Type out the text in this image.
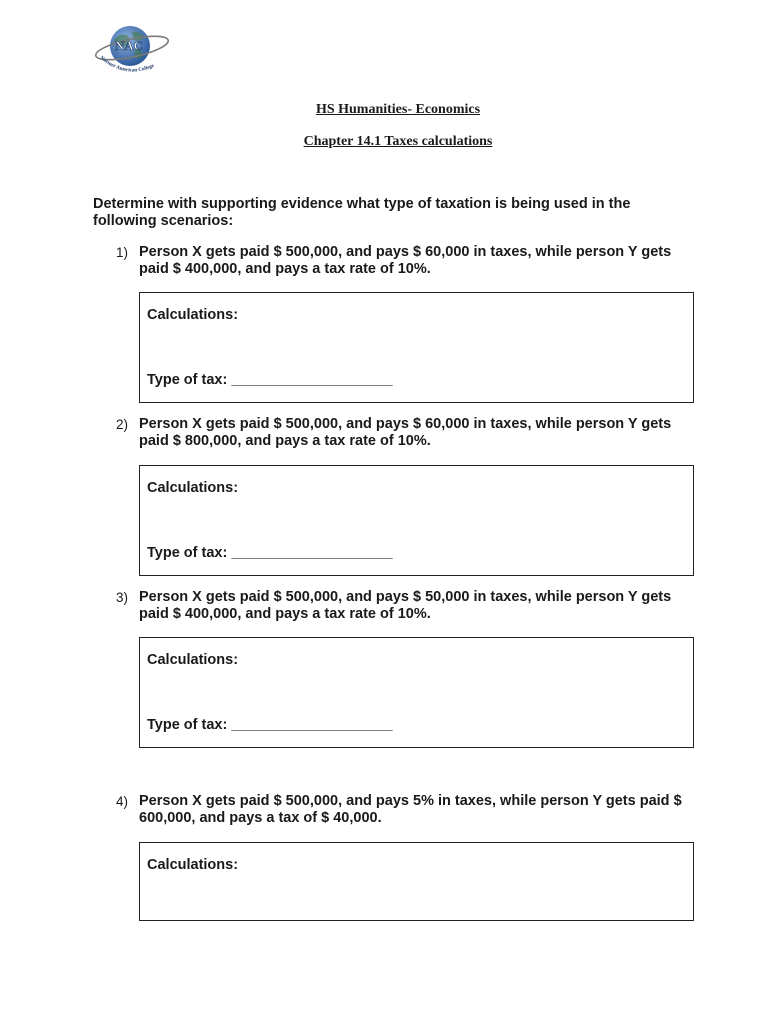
NAC
Nurmer American College
HS Humanities- Economics
Chapter 14.1 Taxes calculations
Determine with supporting evidence what type of taxation is being used in the following scenarios:
1) Person X gets paid $ 500,000, and pays $ 60,000 in taxes, while person Y gets paid $ 400,000, and pays a tax rate of 10%.
Calculations:
Type of tax: ____________________
2) Person X gets paid $ 500,000, and pays $ 60,000 in taxes, while person Y gets paid $ 800,000, and pays a tax rate of 10%.
Calculations:
Type of tax: ____________________
3) Person X gets paid $ 500,000, and pays $ 50,000 in taxes, while person Y gets paid $ 400,000, and pays a tax rate of 10%.
Calculations:
Type of tax: ____________________
4) Person X gets paid $ 500,000, and pays 5% in taxes, while person Y gets paid $ 600,000, and pays a tax of $ 40,000.
Calculations:
